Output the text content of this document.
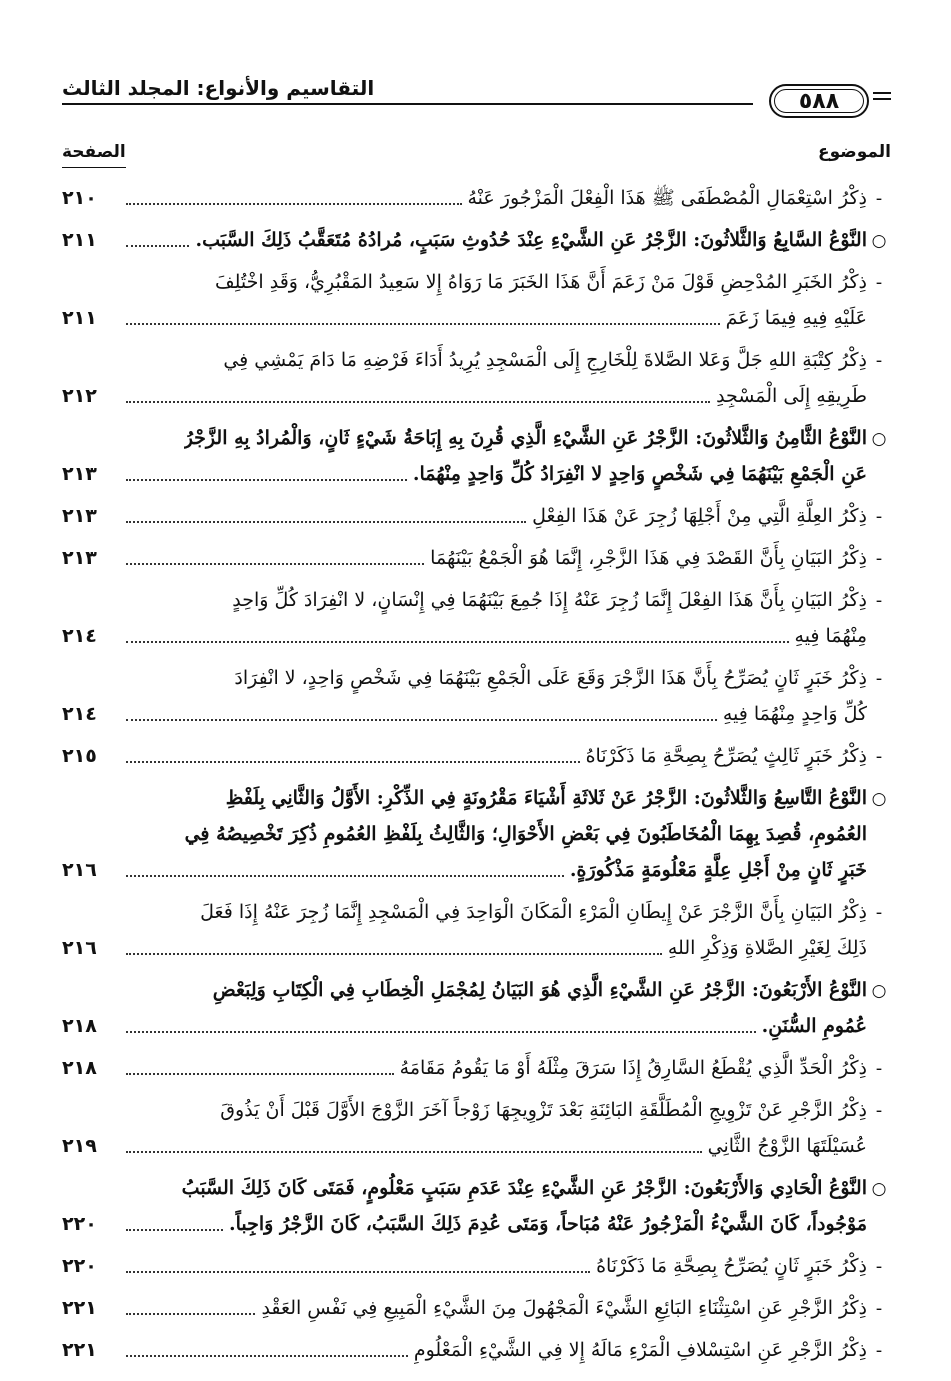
التقاسيم والأنواع: المجلد الثالث
٥٨٨
الموضوع
الصفحة
-
ذِكْرُ اسْتِعْمَالِ الْمُصْطَفَى ﷺ هَذَا الْفِعْلَ الْمَزْجُورَ عَنْهُ
٢١٠
○
النَّوْعُ السَّابِعُ وَالثَّلاثُونَ: الزَّجْرُ عَنِ الشَّيْءِ عِنْدَ حُدُوثِ سَبَبٍ، مُرادُهُ مُتَعَقَّبُ ذَلِكَ السَّبَب.
٢١١
-
ذِكْرُ الخَبَرِ المُدْحِضِ قَوْلَ مَنْ زَعَمَ أَنَّ هَذَا الخَبَرَ مَا رَوَاهُ إِلا سَعِيدُ المَقْبُرِيُّ، وَقَدِ اخْتُلِفَ
عَلَيْهِ فِيهِ فِيمَا زَعَمَ
٢١١
-
ذِكْرُ كِتْبَةِ اللهِ جَلَّ وَعَلا الصَّلاةَ لِلْخَارِجِ إِلَى الْمَسْجِدِ يُرِيدُ أَدَاءَ فَرْضِهِ مَا دَامَ يَمْشِي فِي
طَرِيقِهِ إِلَى الْمَسْجِدِ
٢١٢
○
النَّوْعُ الثَّامِنُ وَالثَّلاثُونَ: الزَّجْرُ عَنِ الشَّيْءِ الَّذِي قُرِنَ بِهِ إِبَاحَةُ شَيْءٍ ثَانٍ، وَالْمُرادُ بِهِ الزَّجْرُ
عَنِ الْجَمْعِ بَيْنَهُمَا فِي شَخْصٍ وَاحِدٍ لا انْفِرَادُ كُلِّ وَاحِدٍ مِنْهُمَا.
٢١٣
-
ذِكْرُ العِلَّةِ الَّتِي مِنْ أَجْلِهَا زُجِرَ عَنْ هَذَا الفِعْلِ
٢١٣
-
ذِكْرُ البَيَانِ بِأَنَّ القَصْدَ فِي هَذَا الزَّجْرِ، إِنَّمَا هُوَ الْجَمْعُ بَيْنَهُمَا
٢١٣
-
ذِكْرُ البَيَانِ بِأَنَّ هَذَا الفِعْلَ إِنَّمَا زُجِرَ عَنْهُ إِذَا جُمِعَ بَيْنَهُمَا فِي إِنْسَانٍ، لا انْفِرَادَ كُلِّ وَاحِدٍ
مِنْهُمَا فِيهِ
٢١٤
-
ذِكْرُ خَبَرٍ ثَانٍ يُصَرِّحُ بِأَنَّ هَذَا الزَّجْرَ وَقَعَ عَلَى الْجَمْعِ بَيْنَهُمَا فِي شَخْصٍ وَاحِدٍ، لا انْفِرَادَ
كُلِّ وَاحِدٍ مِنْهُمَا فِيهِ
٢١٤
-
ذِكْرُ خَبَرٍ ثَالِثٍ يُصَرِّحُ بِصِحَّةِ مَا ذَكَرْنَاهُ
٢١٥
○
النَّوْعُ التَّاسِعُ وَالثَّلاثُونَ: الزَّجْرُ عَنْ ثَلاثَةِ أَشْيَاءَ مَقْرُونَةٍ فِي الذِّكْرِ: الأَوَّلُ وَالثَّانِي بِلَفْظِ
العُمُومِ، قُصِدَ بِهِمَا الْمُخَاطَبُونَ فِي بَعْضِ الأَحْوَالِ؛ وَالثَّالِثُ بِلَفْظِ العُمُومِ ذُكِرَ تَخْصِيصُهُ فِي
خَبَرٍ ثَانٍ مِنْ أَجْلِ عِلَّةٍ مَعْلُومَةٍ مَذْكُورَةٍ.
٢١٦
-
ذِكْرُ البَيَانِ بِأَنَّ الزَّجْرَ عَنْ إِيطَانِ الْمَرْءِ الْمَكَانَ الْوَاحِدَ فِي الْمَسْجِدِ إِنَّمَا زُجِرَ عَنْهُ إِذَا فَعَلَ
ذَلِكَ لِغَيْرِ الصَّلاةِ وَذِكْرِ اللهِ
٢١٦
○
النَّوْعُ الأَرْبَعُونَ: الزَّجْرُ عَنِ الشَّيْءِ الَّذِي هُوَ البَيَانُ لِمُجْمَلِ الْخِطَابِ فِي الْكِتَابِ وَلِبَعْضِ
عُمُومِ السُّنَنِ.
٢١٨
-
ذِكْرُ الْحَدِّ الَّذِي يُقْطَعُ السَّارِقُ إِذَا سَرَقَ مِثْلَهُ أَوْ مَا يَقُومُ مَقَامَهُ
٢١٨
-
ذِكْرُ الزَّجْرِ عَنْ تَزْوِيجِ الْمُطَلَّقَةِ البَائِنَةِ بَعْدَ تَزْوِيجِهَا زَوْجاً آخَرَ الزَّوْجَ الأَوَّلَ قَبْلَ أَنْ يَذُوقَ
عُسَيْلَتَهَا الزَّوْجُ الثَّانِي
٢١٩
○
النَّوْعُ الْحَادِي وَالأَرْبَعُونَ: الزَّجْرُ عَنِ الشَّيْءِ عِنْدَ عَدَمِ سَبَبٍ مَعْلُومٍ، فَمَتَى كَانَ ذَلِكَ السَّبَبُ
مَوْجُوداً، كَانَ الشَّيْءُ الْمَزْجُورُ عَنْهُ مُبَاحاً، وَمَتَى عُدِمَ ذَلِكَ السَّبَبُ، كَانَ الزَّجْرُ وَاجِباً.
٢٢٠
-
ذِكْرُ خَبَرٍ ثَانٍ يُصَرِّحُ بِصِحَّةِ مَا ذَكَرْنَاهُ
٢٢٠
-
ذِكْرُ الزَّجْرِ عَنِ اسْتِثْنَاءِ البَائِعِ الشَّيْءَ الْمَجْهُولَ مِنَ الشَّيْءِ الْمَبِيعِ فِي نَفْسِ العَقْدِ
٢٢١
-
ذِكْرُ الزَّجْرِ عَنِ اسْتِسْلافِ الْمَرْءِ مَالَهُ إِلا فِي الشَّيْءِ الْمَعْلُومِ
٢٢١
